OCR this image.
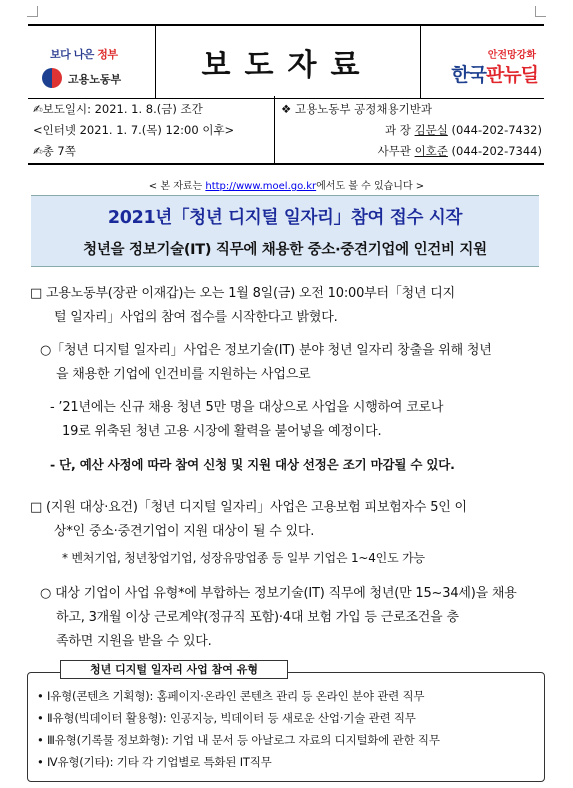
보다 나은 정부
고용노동부	보도자료	안전망강화
한국판뉴딜
✍보도일시: 2021. 1. 8.(금) 조간
<인터넷 2021. 1. 7.(목) 12:00 이후>
✍총 7쪽
❖ 고용노동부 공정채용기반과
과 장 김문실 (044-202-7432)
사무관 이호준 (044-202-7344)
< 본 자료는 http://www.moel.go.kr에서도 볼 수 있습니다 >
2021년「청년 디지털 일자리」참여 접수 시작
청년을 정보기술(IT) 직무에 채용한 중소·중견기업에 인건비 지원
□ 고용노동부(장관 이재갑)는 오는 1월 8일(금) 오전 10:00부터「청년 디지
털 일자리」사업의 참여 접수를 시작한다고 밝혔다.
○「청년 디지털 일자리」사업은 정보기술(IT) 분야 청년 일자리 창출을 위해 청년
을 채용한 기업에 인건비를 지원하는 사업으로
- ’21년에는 신규 채용 청년 5만 명을 대상으로 사업을 시행하여 코로나
19로 위축된 청년 고용 시장에 활력을 불어넣을 예정이다.
- 단, 예산 사정에 따라 참여 신청 및 지원 대상 선정은 조기 마감될 수 있다.
□ (지원 대상·요건)「청년 디지털 일자리」사업은 고용보험 피보험자수 5인 이
상*인 중소·중견기업이 지원 대상이 될 수 있다.
* 벤처기업, 청년창업기업, 성장유망업종 등 일부 기업은 1~4인도 가능
○ 대상 기업이 사업 유형*에 부합하는 정보기술(IT) 직무에 청년(만 15~34세)을 채용
하고, 3개월 이상 근로계약(정규직 포함)·4대 보험 가입 등 근로조건을 충
족하면 지원을 받을 수 있다.
청년 디지털 일자리 사업 참여 유형
• Ⅰ유형(콘텐츠 기획형): 홈페이지·온라인 콘텐츠 관리 등 온라인 분야 관련 직무
• Ⅱ유형(빅데이터 활용형): 인공지능, 빅데이터 등 새로운 산업·기술 관련 직무
• Ⅲ유형(기록물 정보화형): 기업 내 문서 등 아날로그 자료의 디지털화에 관한 직무
• Ⅳ유형(기타): 기타 각 기업별로 특화된 IT직무
